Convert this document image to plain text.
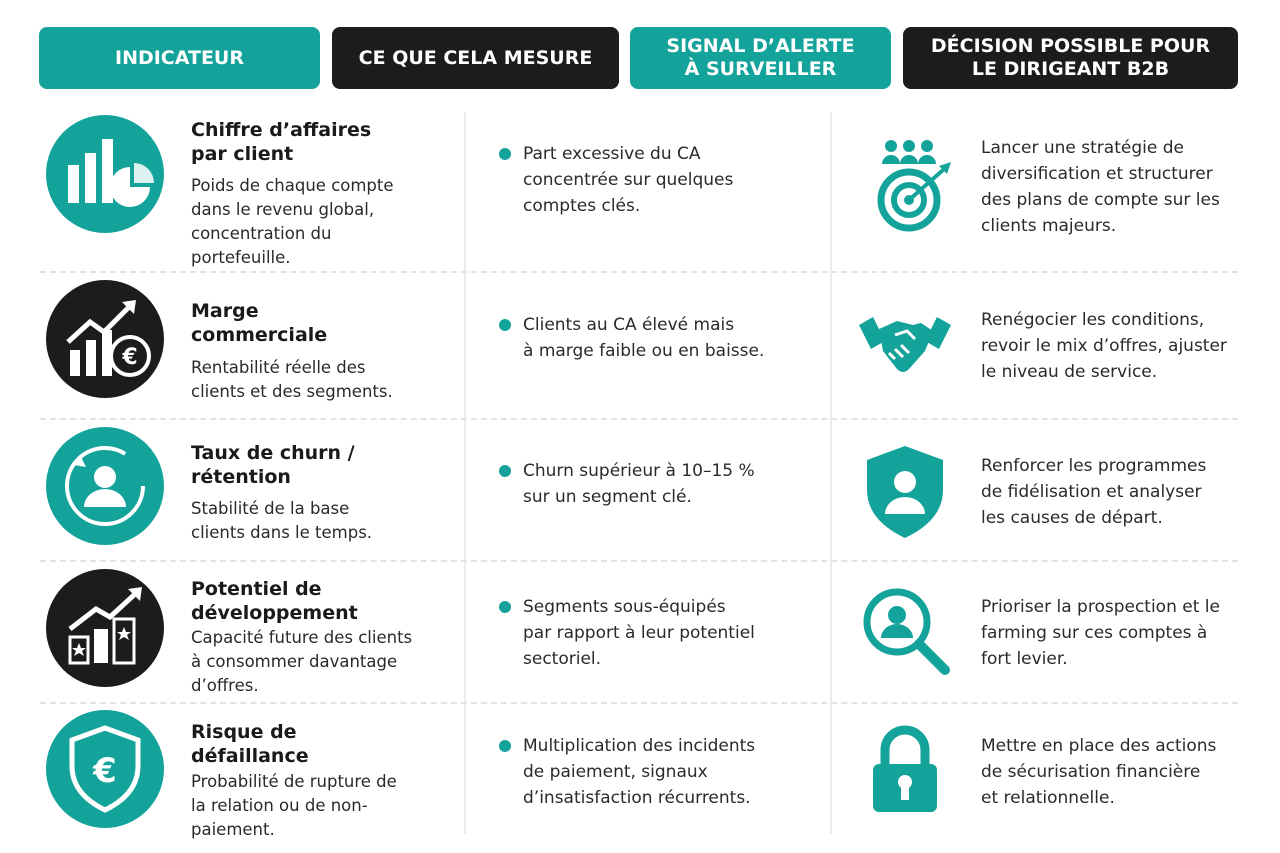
INDICATEUR	CE QUE CELA MESURE
SIGNAL D’ALERTE
À SURVEILLER
DÉCISION POSSIBLE POUR
LE DIRIGEANT B2B
Chiffre d’affaires
par client
Poids de chaque compte
dans le revenu global,
concentration du
portefeuille.
Part excessive du CA
concentrée sur quelques
comptes clés.
Lancer une stratégie de
diversification et structurer
des plans de compte sur les
clients majeurs.
€
Marge
commerciale
Rentabilité réelle des
clients et des segments.
Clients au CA élevé mais
à marge faible ou en baisse.
Renégocier les conditions,
revoir le mix d’offres, ajuster
le niveau de service.
Taux de churn /
rétention
Stabilité de la base
clients dans le temps.
Churn supérieur à 10–15 %
sur un segment clé.
Renforcer les programmes
de fidélisation et analyser
les causes de départ.
Potentiel de
développement
Capacité future des clients
à consommer davantage
d’offres.
Segments sous-équipés
par rapport à leur potentiel
sectoriel.
Prioriser la prospection et le
farming sur ces comptes à
fort levier.
€
Risque de
défaillance
Probabilité de rupture de
la relation ou de non-
paiement.
Multiplication des incidents
de paiement, signaux
d’insatisfaction récurrents.
Mettre en place des actions
de sécurisation financière
et relationnelle.
